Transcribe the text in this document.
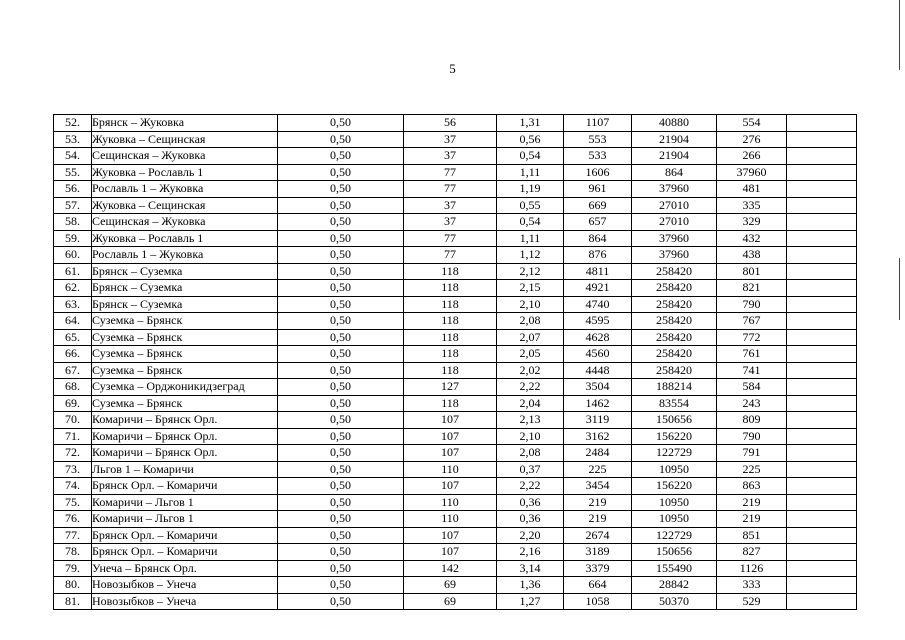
5
52.	Брянск – Жуковка	0,50	56	1,31	1107	40880	554	
53.	Жуковка – Сещинская	0,50	37	0,56	553	21904	276	
54.	Сещинская – Жуковка	0,50	37	0,54	533	21904	266	
55.	Жуковка – Рославль 1	0,50	77	1,11	1606	864	37960	
56.	Рославль 1 – Жуковка	0,50	77	1,19	961	37960	481	
57.	Жуковка – Сещинская	0,50	37	0,55	669	27010	335	
58.	Сещинская – Жуковка	0,50	37	0,54	657	27010	329	
59.	Жуковка – Рославль 1	0,50	77	1,11	864	37960	432	
60.	Рославль 1 – Жуковка	0,50	77	1,12	876	37960	438	
61.	Брянск – Суземка	0,50	118	2,12	4811	258420	801	
62.	Брянск – Суземка	0,50	118	2,15	4921	258420	821	
63.	Брянск – Суземка	0,50	118	2,10	4740	258420	790	
64.	Суземка – Брянск	0,50	118	2,08	4595	258420	767	
65.	Суземка – Брянск	0,50	118	2,07	4628	258420	772	
66.	Суземка – Брянск	0,50	118	2,05	4560	258420	761	
67.	Суземка – Брянск	0,50	118	2,02	4448	258420	741	
68.	Суземка – Орджоникидзеград	0,50	127	2,22	3504	188214	584	
69.	Суземка – Брянск	0,50	118	2,04	1462	83554	243	
70.	Комаричи – Брянск Орл.	0,50	107	2,13	3119	150656	809	
71.	Комаричи – Брянск Орл.	0,50	107	2,10	3162	156220	790	
72.	Комаричи – Брянск Орл.	0,50	107	2,08	2484	122729	791	
73.	Льгов 1 – Комаричи	0,50	110	0,37	225	10950	225	
74.	Брянск Орл. – Комаричи	0,50	107	2,22	3454	156220	863	
75.	Комаричи – Льгов 1	0,50	110	0,36	219	10950	219	
76.	Комаричи – Льгов 1	0,50	110	0,36	219	10950	219	
77.	Брянск Орл. – Комаричи	0,50	107	2,20	2674	122729	851	
78.	Брянск Орл. – Комаричи	0,50	107	2,16	3189	150656	827	
79.	Унеча – Брянск Орл.	0,50	142	3,14	3379	155490	1126	
80.	Новозыбков – Унеча	0,50	69	1,36	664	28842	333	
81.	Новозыбков – Унеча	0,50	69	1,27	1058	50370	529	
